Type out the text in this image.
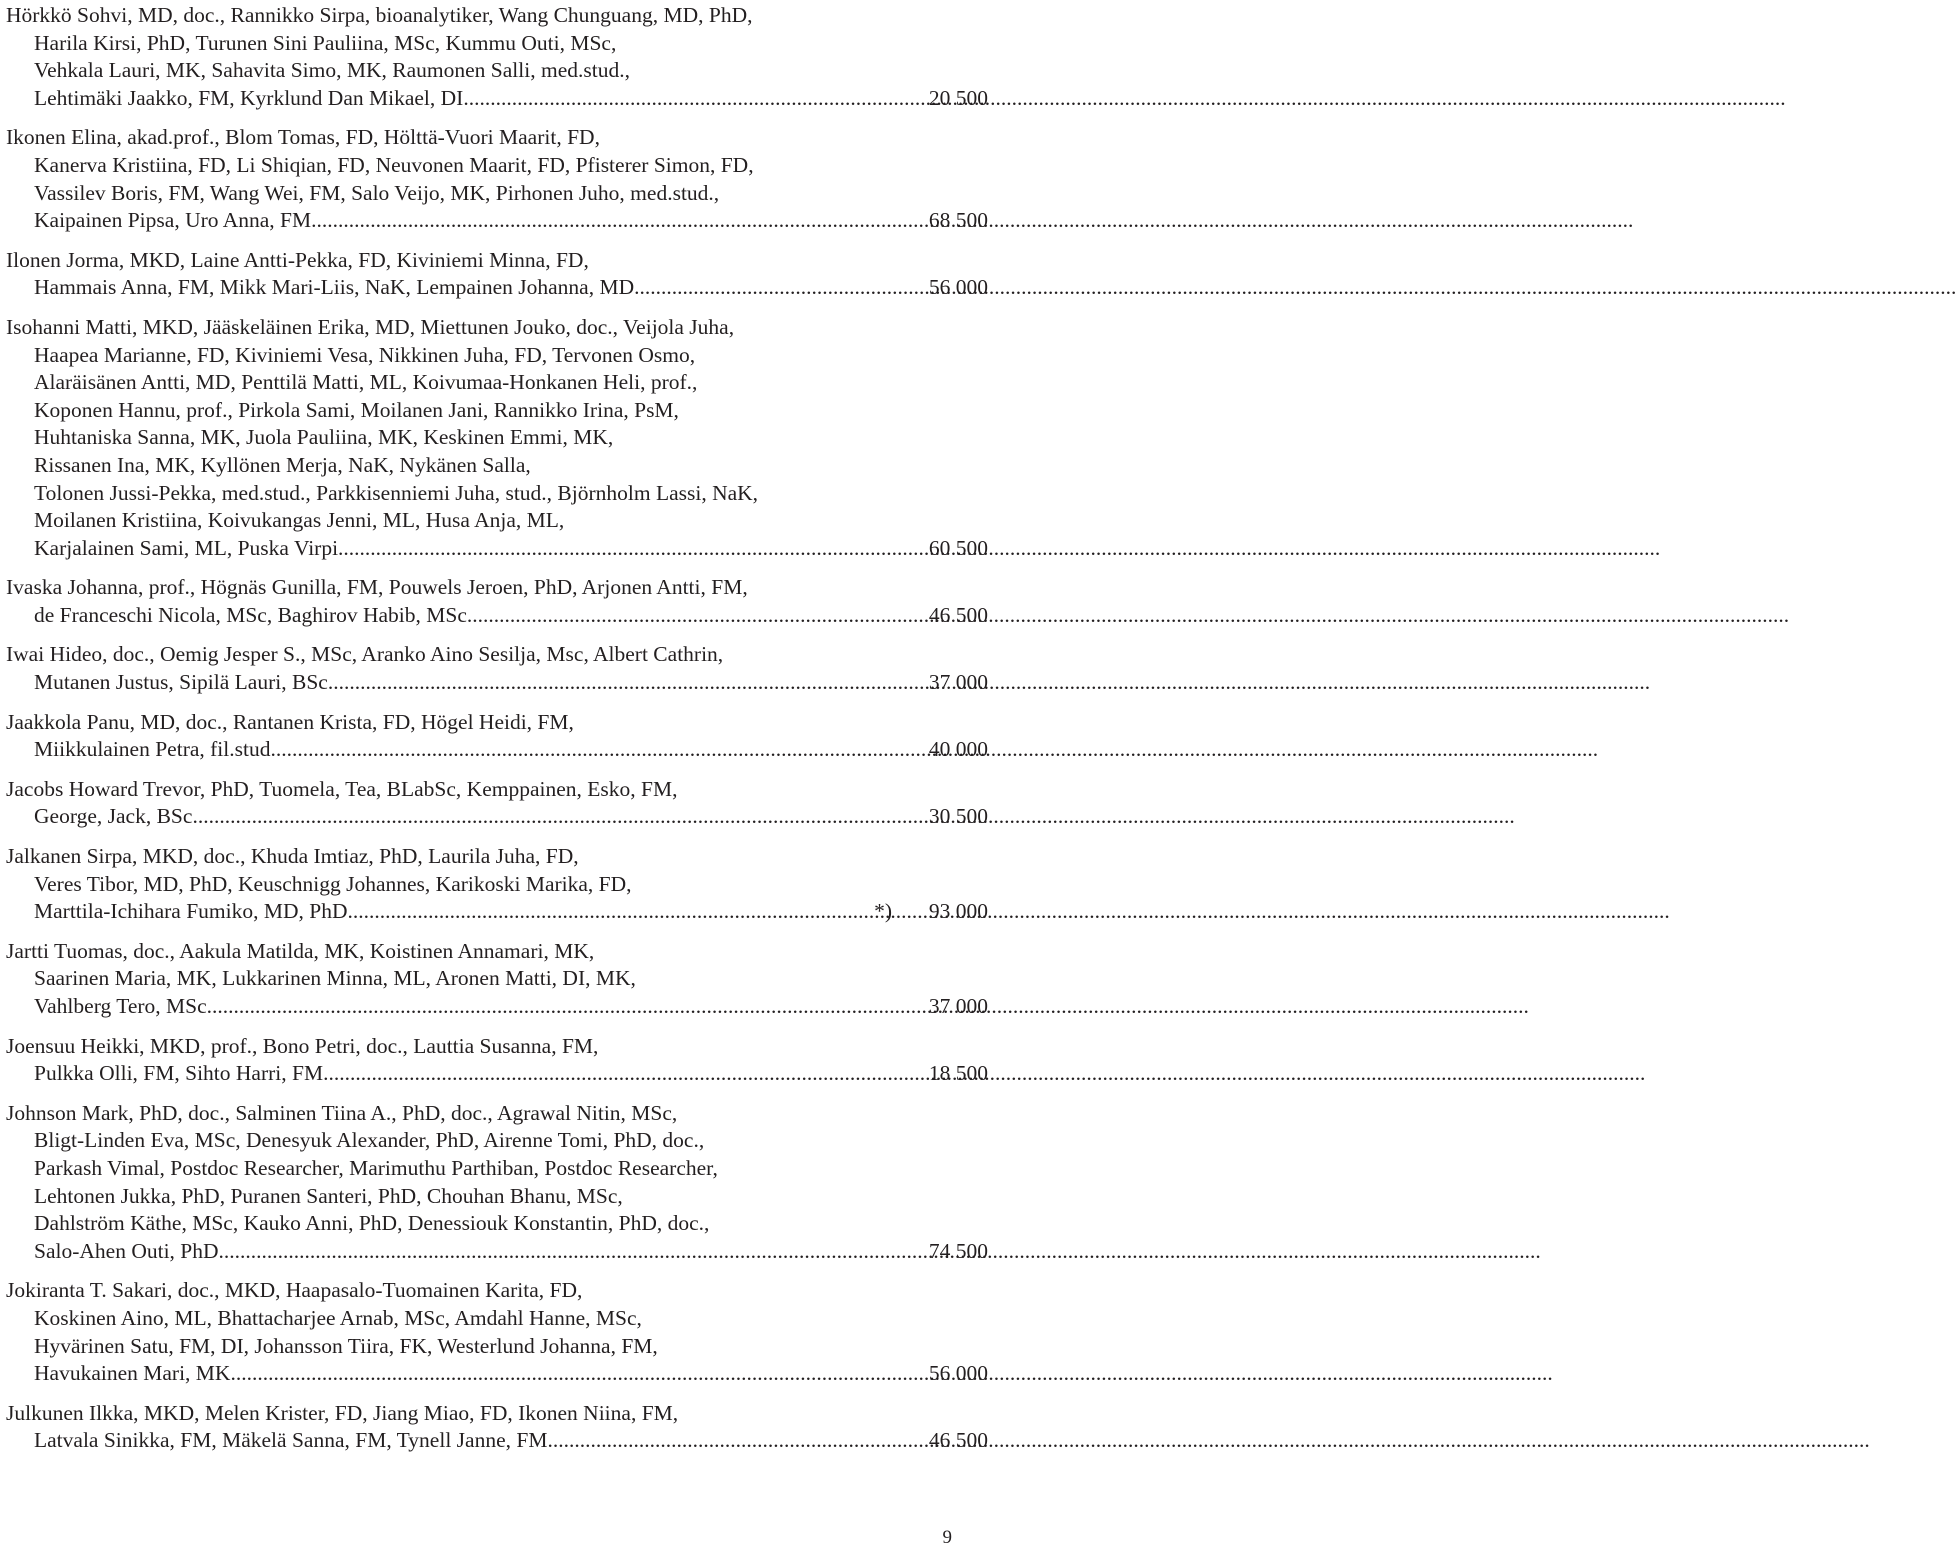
Hörkkö Sohvi, MD, doc., Rannikko Sirpa, bioanalytiker, Wang Chunguang, MD, PhD,
Harila Kirsi, PhD, Turunen Sini Pauliina, MSc, Kummu Outi, MSc,
Vehkala Lauri, MK, Sahavita Simo, MK, Raumonen Salli, med.stud.,
Lehtimäki Jaakko, FM, Kyrklund Dan Mikael, DI .....	20 500
Ikonen Elina, akad.prof., Blom Tomas, FD, Hölttä-Vuori Maarit, FD,
Kanerva Kristiina, FD, Li Shiqian, FD, Neuvonen Maarit, FD, Pfisterer Simon, FD,
Vassilev Boris, FM, Wang Wei, FM, Salo Veijo, MK, Pirhonen Juho, med.stud.,
Kaipainen Pipsa, Uro Anna, FM .....	68 500
Ilonen Jorma, MKD, Laine Antti-Pekka, FD, Kiviniemi Minna, FD,
Hammais Anna, FM, Mikk Mari-Liis, NaK, Lempainen Johanna, MD .....	56 000
Isohanni Matti, MKD, Jääskeläinen Erika, MD, Miettunen Jouko, doc., Veijola Juha,
Haapea Marianne, FD, Kiviniemi Vesa, Nikkinen Juha, FD, Tervonen Osmo,
Alaräisänen Antti, MD, Penttilä Matti, ML, Koivumaa-Honkanen Heli, prof.,
Koponen Hannu, prof., Pirkola Sami, Moilanen Jani, Rannikko Irina, PsM,
Huhtaniska Sanna, MK, Juola Pauliina, MK, Keskinen Emmi, MK,
Rissanen Ina, MK, Kyllönen Merja, NaK, Nykänen Salla,
Tolonen Jussi-Pekka, med.stud., Parkkisenniemi Juha, stud., Björnholm Lassi, NaK,
Moilanen Kristiina, Koivukangas Jenni, ML, Husa Anja, ML,
Karjalainen Sami, ML, Puska Virpi .....	60 500
Ivaska Johanna, prof., Högnäs Gunilla, FM, Pouwels Jeroen, PhD, Arjonen Antti, FM,
de Franceschi Nicola, MSc, Baghirov Habib, MSc .....	46 500
Iwai Hideo, doc., Oemig Jesper S., MSc, Aranko Aino Sesilja, Msc, Albert Cathrin,
Mutanen Justus, Sipilä Lauri, BSc .....	37 000
Jaakkola Panu, MD, doc., Rantanen Krista, FD, Högel Heidi, FM,
Miikkulainen Petra, fil.stud. .....	40 000
Jacobs Howard Trevor, PhD, Tuomela, Tea, BLabSc, Kemppainen, Esko, FM,
George, Jack, BSc .....	30 500
Jalkanen Sirpa, MKD, doc., Khuda Imtiaz, PhD, Laurila Juha, FD,
Veres Tibor, MD, PhD, Keuschnigg Johannes, Karikoski Marika, FD,
Marttila-Ichihara Fumiko, MD, PhD .....	*)	93 000
Jartti Tuomas, doc., Aakula Matilda, MK, Koistinen Annamari, MK,
Saarinen Maria, MK, Lukkarinen Minna, ML, Aronen Matti, DI, MK,
Vahlberg Tero, MSc .....	37 000
Joensuu Heikki, MKD, prof., Bono Petri, doc., Lauttia Susanna, FM,
Pulkka Olli, FM, Sihto Harri, FM .....	18 500
Johnson Mark, PhD, doc., Salminen Tiina A., PhD, doc., Agrawal Nitin, MSc,
Bligt-Linden Eva, MSc, Denesyuk Alexander, PhD, Airenne Tomi, PhD, doc.,
Parkash Vimal, Postdoc Researcher, Marimuthu Parthiban, Postdoc Researcher,
Lehtonen Jukka, PhD, Puranen Santeri, PhD, Chouhan Bhanu, MSc,
Dahlström Käthe, MSc, Kauko Anni, PhD, Denessiouk Konstantin, PhD, doc.,
Salo-Ahen Outi, PhD .....	74 500
Jokiranta T. Sakari, doc., MKD, Haapasalo-Tuomainen Karita, FD,
Koskinen Aino, ML, Bhattacharjee Arnab, MSc, Amdahl Hanne, MSc,
Hyvärinen Satu, FM, DI, Johansson Tiira, FK, Westerlund Johanna, FM,
Havukainen Mari, MK .....	56 000
Julkunen Ilkka, MKD, Melen Krister, FD, Jiang Miao, FD, Ikonen Niina, FM,
Latvala Sinikka, FM, Mäkelä Sanna, FM, Tynell Janne, FM .....	46 500
9
